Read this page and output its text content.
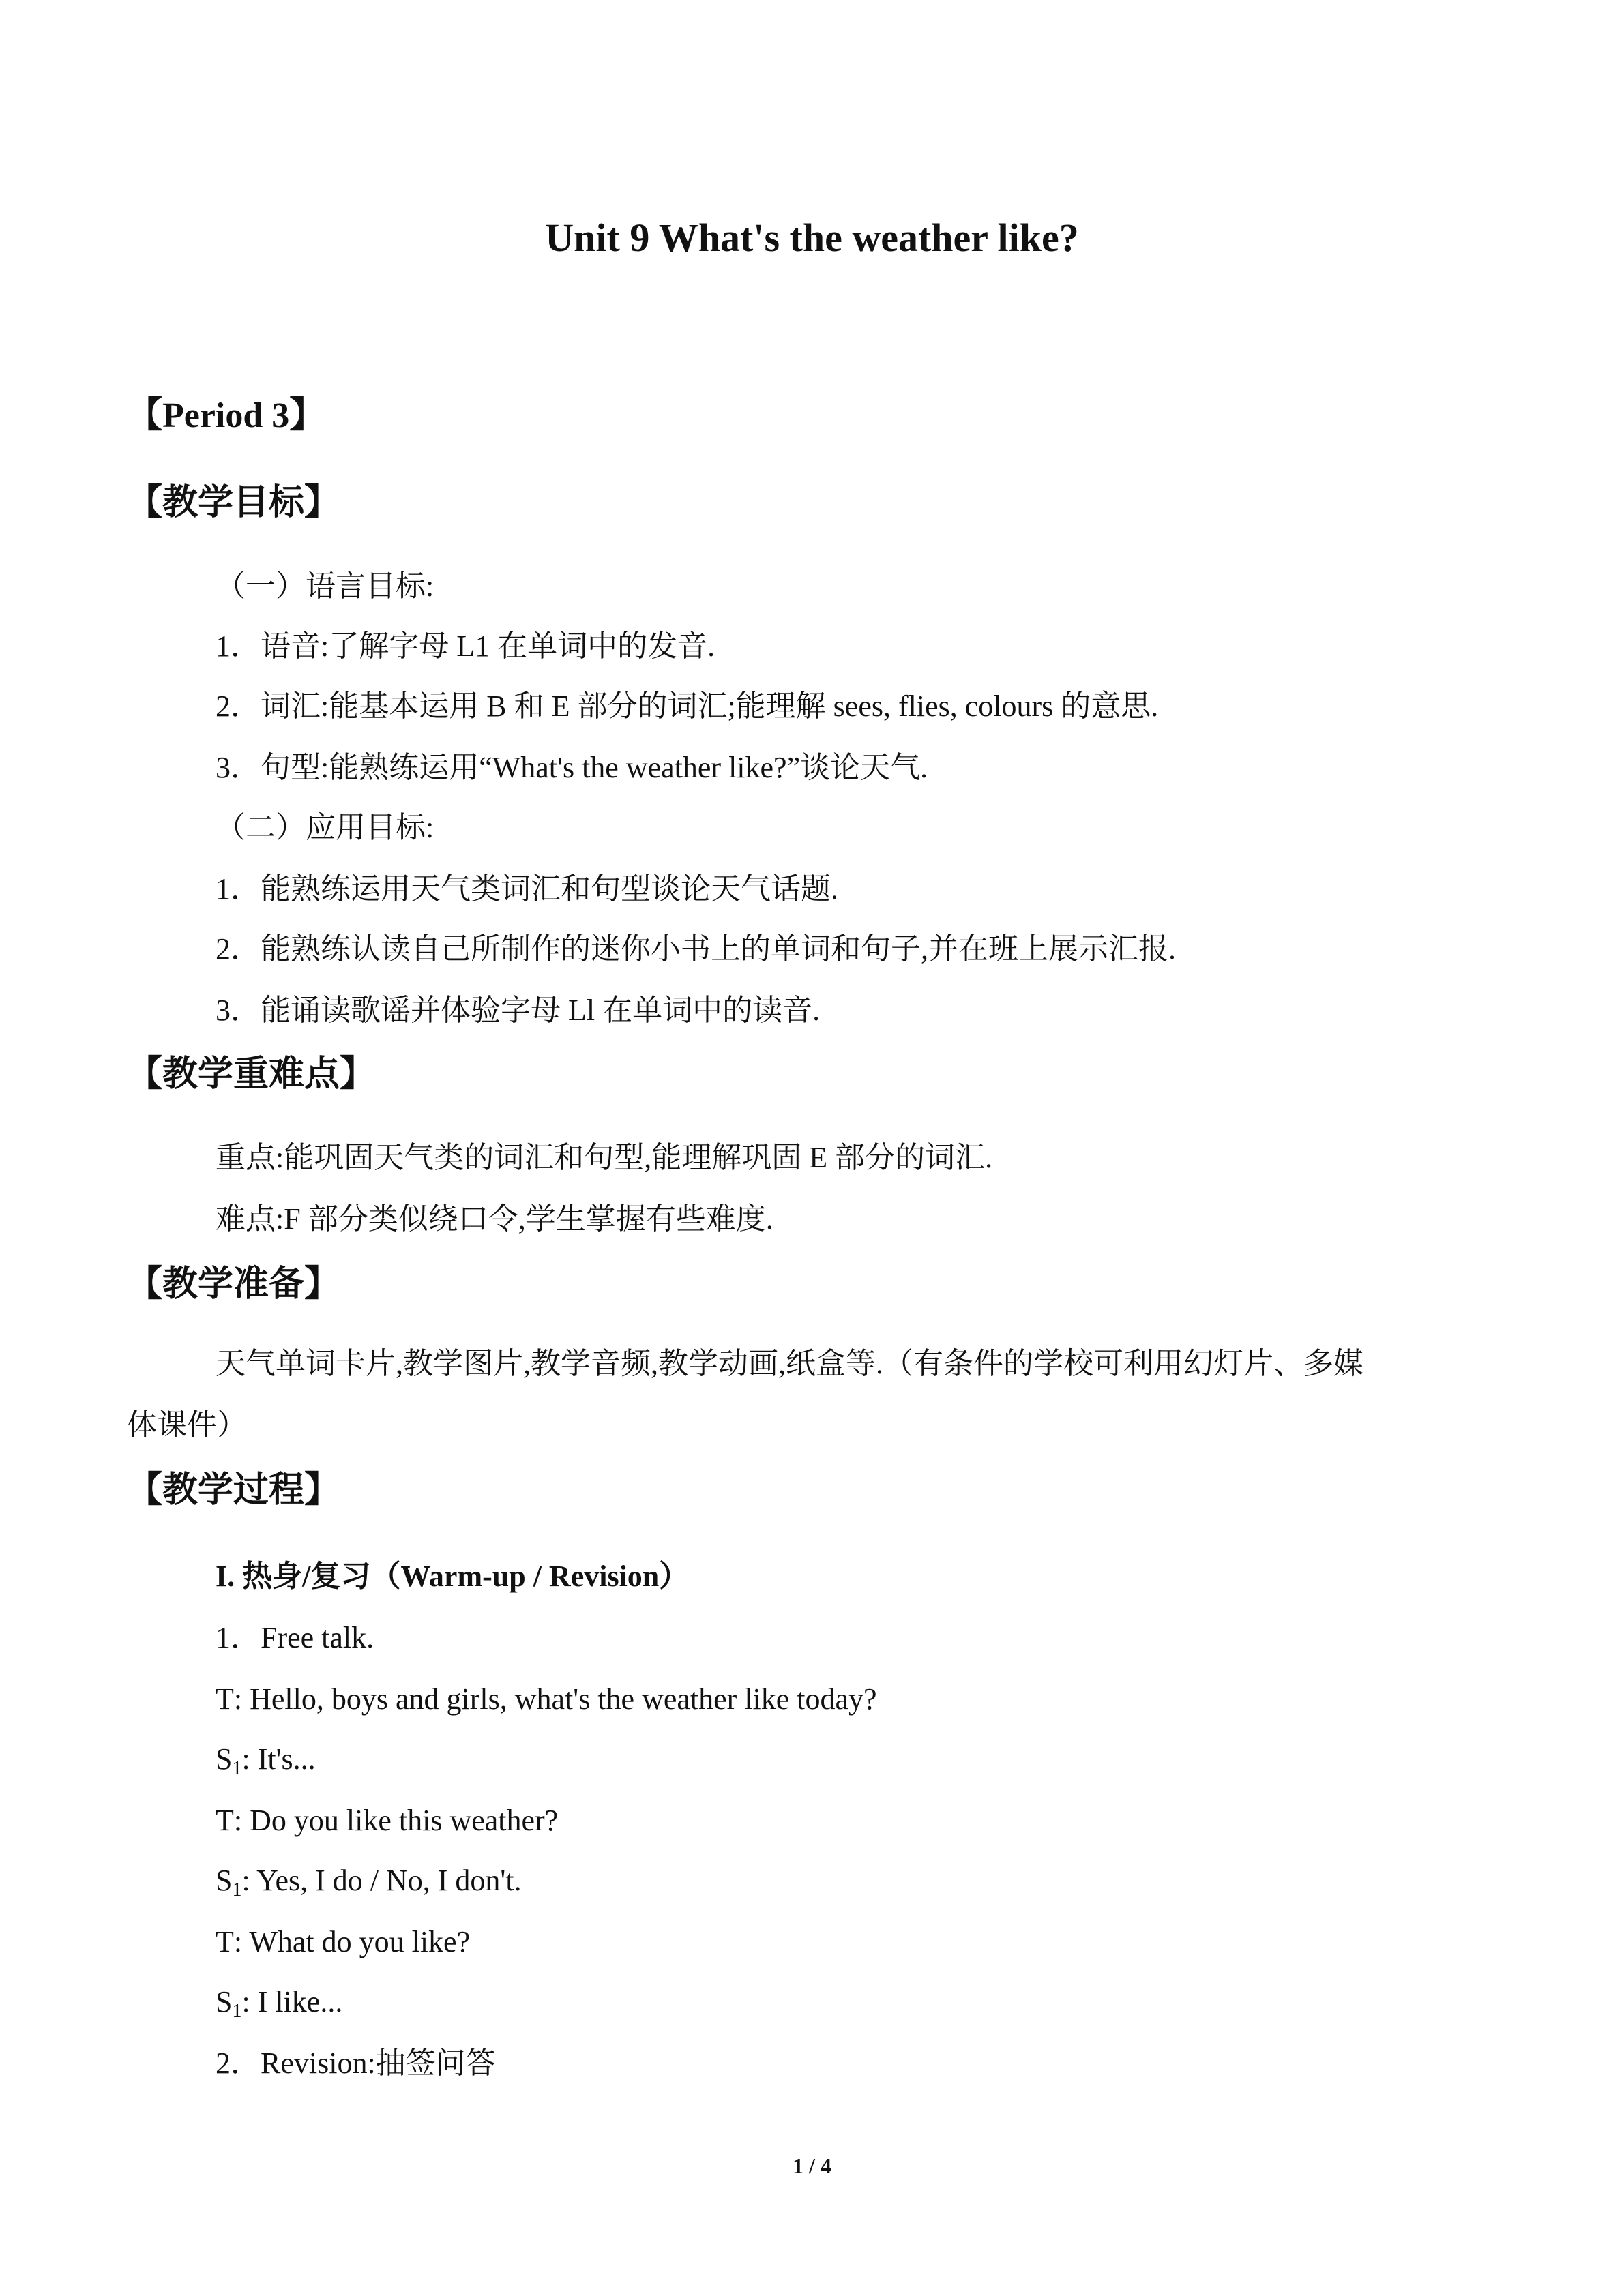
Unit 9 What's the weather like?
【Period 3】
【教学目标】
（一）语言目标:
1．语音:了解字母 L1 在单词中的发音.
2．词汇:能基本运用 B 和 E 部分的词汇;能理解 sees, flies, colours 的意思.
3．句型:能熟练运用“What's the weather like?”谈论天气.
（二）应用目标:
1．能熟练运用天气类词汇和句型谈论天气话题.
2．能熟练认读自己所制作的迷你小书上的单词和句子,并在班上展示汇报.
3．能诵读歌谣并体验字母 Ll 在单词中的读音.
【教学重难点】
重点:能巩固天气类的词汇和句型,能理解巩固 E 部分的词汇.
难点:F 部分类似绕口令,学生掌握有些难度.
【教学准备】
天气单词卡片,教学图片,教学音频,教学动画,纸盒等.（有条件的学校可利用幻灯片、多媒
体课件）
【教学过程】
I. 热身/复习（Warm-up / Revision）
1．Free talk.
T: Hello, boys and girls, what's the weather like today?
$S_1$: It's...
T: Do you like this weather?
$S_1$: Yes, I do / No, I don't.
T: What do you like?
$S_1$: I like...
2．Revision:抽签问答
1 / 4
